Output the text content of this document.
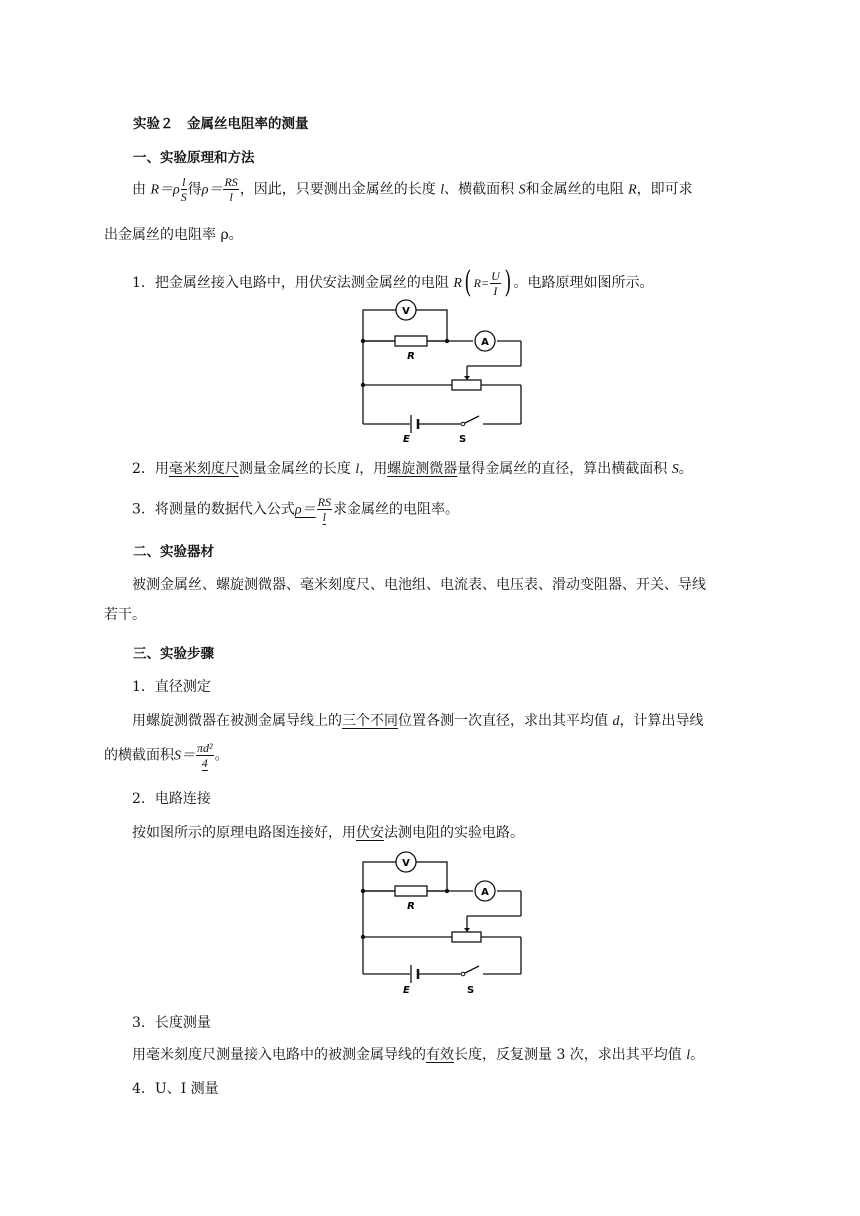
实验２　金属丝电阻率的测量
一、实验原理和方法
由 $R=\rho \frac{l}{S}$ 得$\rho= \frac{RS}{l}$ ，因此，只要测出金属丝的长度 l、横截面积 S和金属丝的电阻 R，即可求
出金属丝的电阻率 ρ。
1．把金属丝接入电路中，用伏安法测金属丝的电阻 R( $R= \frac{U}{I}$ ) 。电路原理如图所示。
V
R
A
E	S
2．用毫米刻度尺测量金属丝的长度 l，用螺旋测微器量得金属丝的直径，算出横截面积 S。
3．将测量的数据代入公式$\rho= \frac{RS}{l}$ 求金属丝的电阻率。
二、实验器材
被测金属丝、螺旋测微器、毫米刻度尺、电池组、电流表、电压表、滑动变阻器、开关、导线
若干。
三、实验步骤
1．直径测定
用螺旋测微器在被测金属导线上的三个不同位置各测一次直径，求出其平均值 d，计算出导线
的横截面积$S= \frac{\text{πd²}}{4}$ 。
2．电路连接
按如图所示的原理电路图连接好，用伏安法测电阻的实验电路。
V
R
A
E	S
3．长度测量
用毫米刻度尺测量接入电路中的被测金属导线的有效长度，反复测量 3 次，求出其平均值 l。
4．U、I 测量
